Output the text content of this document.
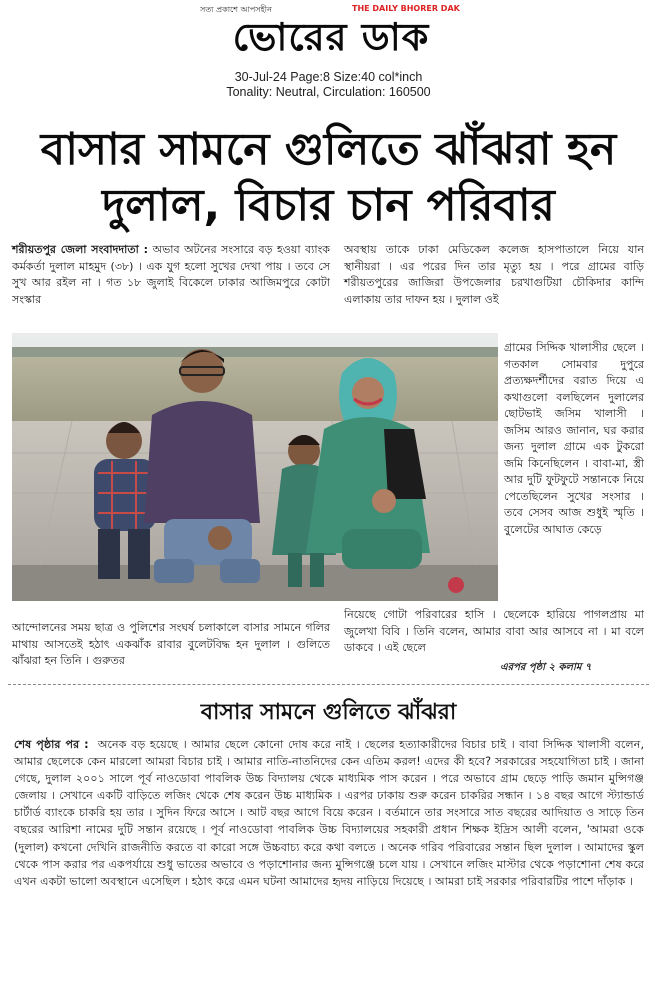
সত্য প্রকাশে আপসহীন	THE DAILY BHORER DAK
ভোরের ডাক
30-Jul-24 Page:8 Size:40 col*inch
Tonality: Neutral, Circulation: 160500
বাসার সামনে গুলিতে ঝাঁঝরা হন
দুলাল, বিচার চান পরিবার

শরীয়তপুর জেলা সংবাদদাতা : অভাব অটনের সংসারে বড় হওয়া ব্যাংক কর্মকর্তা দুলাল মাহমুদ (৩৮) । এক যুগ হলো সুখের দেখা পায় । তবে সে সুখ আর রইল না । গত ১৮ জুলাই বিকেলে ঢাকার আজিমপুরে কোটা সংস্কার

অবস্থায় তাকে ঢাকা মেডিকেল কলেজ হাসপাতালে নিয়ে যান স্থানীয়রা । এর পরের দিন তার মৃত্যু হয় । পরে গ্রামের বাড়ি শরীয়তপুরের জাজিরা উপজেলার চরখাগুটিয়া চৌকিদার কান্দি এলাকায় তার দাফন হয় । দুলাল ওই

গ্রামের সিদ্দিক খালাসীর ছেলে । গতকাল সোমবার দুপুরে প্রত্যক্ষদর্শীদের বরাত দিয়ে এ কথাগুলো বলছিলেন দুলালের ছোটভাই জসিম খালাসী । জসিম আরও জানান, ঘর করার জন্য দুলাল গ্রামে এক টুকরো জমি কিনেছিলেন । বাবা-মা, স্ত্রী আর দুটি ফুটফুটে সন্তানকে নিয়ে পেতেছিলেন সুখের সংসার । তবে সেসব আজ শুধুই স্মৃতি । বুলেটের আঘাত কেড়ে

আন্দোলনের সময় ছাত্র ও পুলিশের সংঘর্ষ চলাকালে বাসার সামনে গলির মাথায় আসতেই হঠাৎ একঝাঁক রাবার বুলেটবিদ্ধ হন দুলাল । গুলিতে ঝাঁঝরা হন তিনি । গুরুতর

নিয়েছে গোটা পরিবারের হাসি । ছেলেকে হারিয়ে পাগলপ্রায় মা জুলেখা বিবি । তিনি বলেন, আমার বাবা আর আসবে না । মা বলে ডাকবে । এই ছেলে

এরপর পৃষ্ঠা ২ কলাম ৭
বাসার সামনে গুলিতে ঝাঁঝরা

শেষ পৃষ্ঠার পর : অনেক বড় হয়েছে । আমার ছেলে কোনো দোষ করে নাই । ছেলের হত্যাকারীদের বিচার চাই । বাবা সিদ্দিক খালাসী বলেন, আমার ছেলেকে কেন মারলো আমরা বিচার চাই । আমার নাতি-নাতনিদের কেন এতিম করল! এদের কী হবে? সরকারের সহযোগিতা চাই । জানা গেছে, দুলাল ২০০১ সালে পূর্ব নাওডোবা পাবলিক উচ্চ বিদ্যালয় থেকে মাধ্যমিক পাস করেন । পরে অভাবে গ্রাম ছেড়ে পাড়ি জমান মুন্সিগঞ্জ জেলায় । সেখানে একটি বাড়িতে লজিং থেকে শেষ করেন উচ্চ মাধ্যমিক । এরপর ঢাকায় শুরু করেন চাকরির সন্ধান । ১৪ বছর আগে স্ট্যান্ডার্ড চার্টার্ড ব্যাংকে চাকরি হয় তার । সুদিন ফিরে আসে । আট বছর আগে বিয়ে করেন । বর্তমানে তার সংসারে সাত বছরের আদিয়াত ও সাড়ে তিন বছরের আরিশা নামের দুটি সন্তান রয়েছে । পূর্ব নাওডোবা পাবলিক উচ্চ বিদ্যালয়ের সহকারী প্রধান শিক্ষক ইদ্রিস আলী বলেন, 'আমরা ওকে (দুলাল) কখনো দেখিনি রাজনীতি করতে বা কারো সঙ্গে উচ্চবাচ্য করে কথা বলতে । অনেক গরিব পরিবারের সন্তান ছিল দুলাল । আমাদের স্কুল থেকে পাস করার পর একপর্যায়ে শুধু ভাতের অভাবে ও পড়াশোনার জন্য মুন্সিগঞ্জে চলে যায় । সেখানে লজিং মাস্টার থেকে পড়াশোনা শেষ করে এখন একটা ভালো অবস্থানে এসেছিল । হঠাৎ করে এমন ঘটনা আমাদের হৃদয় নাড়িয়ে দিয়েছে । আমরা চাই সরকার পরিবারটির পাশে দাঁড়াক ।
